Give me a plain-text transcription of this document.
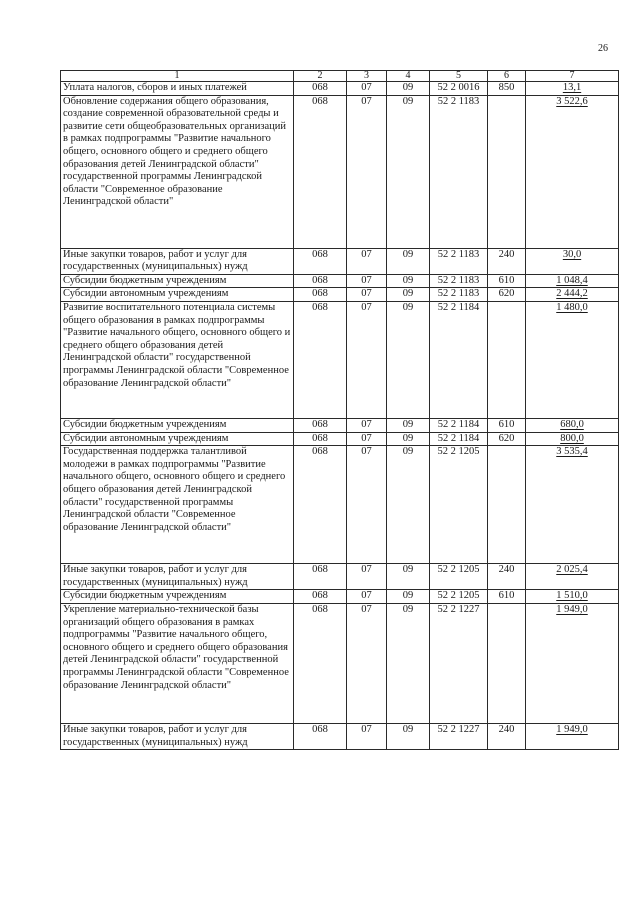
26
1	2	3	4	5	6	7
Уплата налогов, сборов и иных платежей	068	07	09	52 2 0016	850	13,1
Обновление содержания общего образования, создание современной образовательной среды и развитие сети общеобразовательных организаций в рамках подпрограммы "Развитие начального общего, основного общего и среднего общего образования детей Ленинградской области" государственной программы Ленинградской области "Современное образование Ленинградской области"	068	07	09	52 2 1183		3 522,6
Иные закупки товаров, работ и услуг для государственных (муниципальных) нужд	068	07	09	52 2 1183	240	30,0
Субсидии бюджетным учреждениям	068	07	09	52 2 1183	610	1 048,4
Субсидии автономным учреждениям	068	07	09	52 2 1183	620	2 444,2
Развитие воспитательного потенциала системы общего образования в рамках подпрограммы "Развитие начального общего, основного общего и среднего общего образования детей Ленинградской области" государственной программы Ленинградской области "Современное образование Ленинградской области"	068	07	09	52 2 1184		1 480,0
Субсидии бюджетным учреждениям	068	07	09	52 2 1184	610	680,0
Субсидии автономным учреждениям	068	07	09	52 2 1184	620	800,0
Государственная поддержка талантливой молодежи в рамках подпрограммы "Развитие начального общего, основного общего и среднего общего образования детей Ленинградской области" государственной программы Ленинградской области "Современное образование Ленинградской области"	068	07	09	52 2 1205		3 535,4
Иные закупки товаров, работ и услуг для государственных (муниципальных) нужд	068	07	09	52 2 1205	240	2 025,4
Субсидии бюджетным учреждениям	068	07	09	52 2 1205	610	1 510,0
Укрепление материально-технической базы организаций общего образования в рамках подпрограммы "Развитие начального общего, основного общего и среднего общего образования детей Ленинградской области" государственной программы Ленинградской области "Современное образование Ленинградской области"	068	07	09	52 2 1227		1 949,0
Иные закупки товаров, работ и услуг для государственных (муниципальных) нужд	068	07	09	52 2 1227	240	1 949,0
